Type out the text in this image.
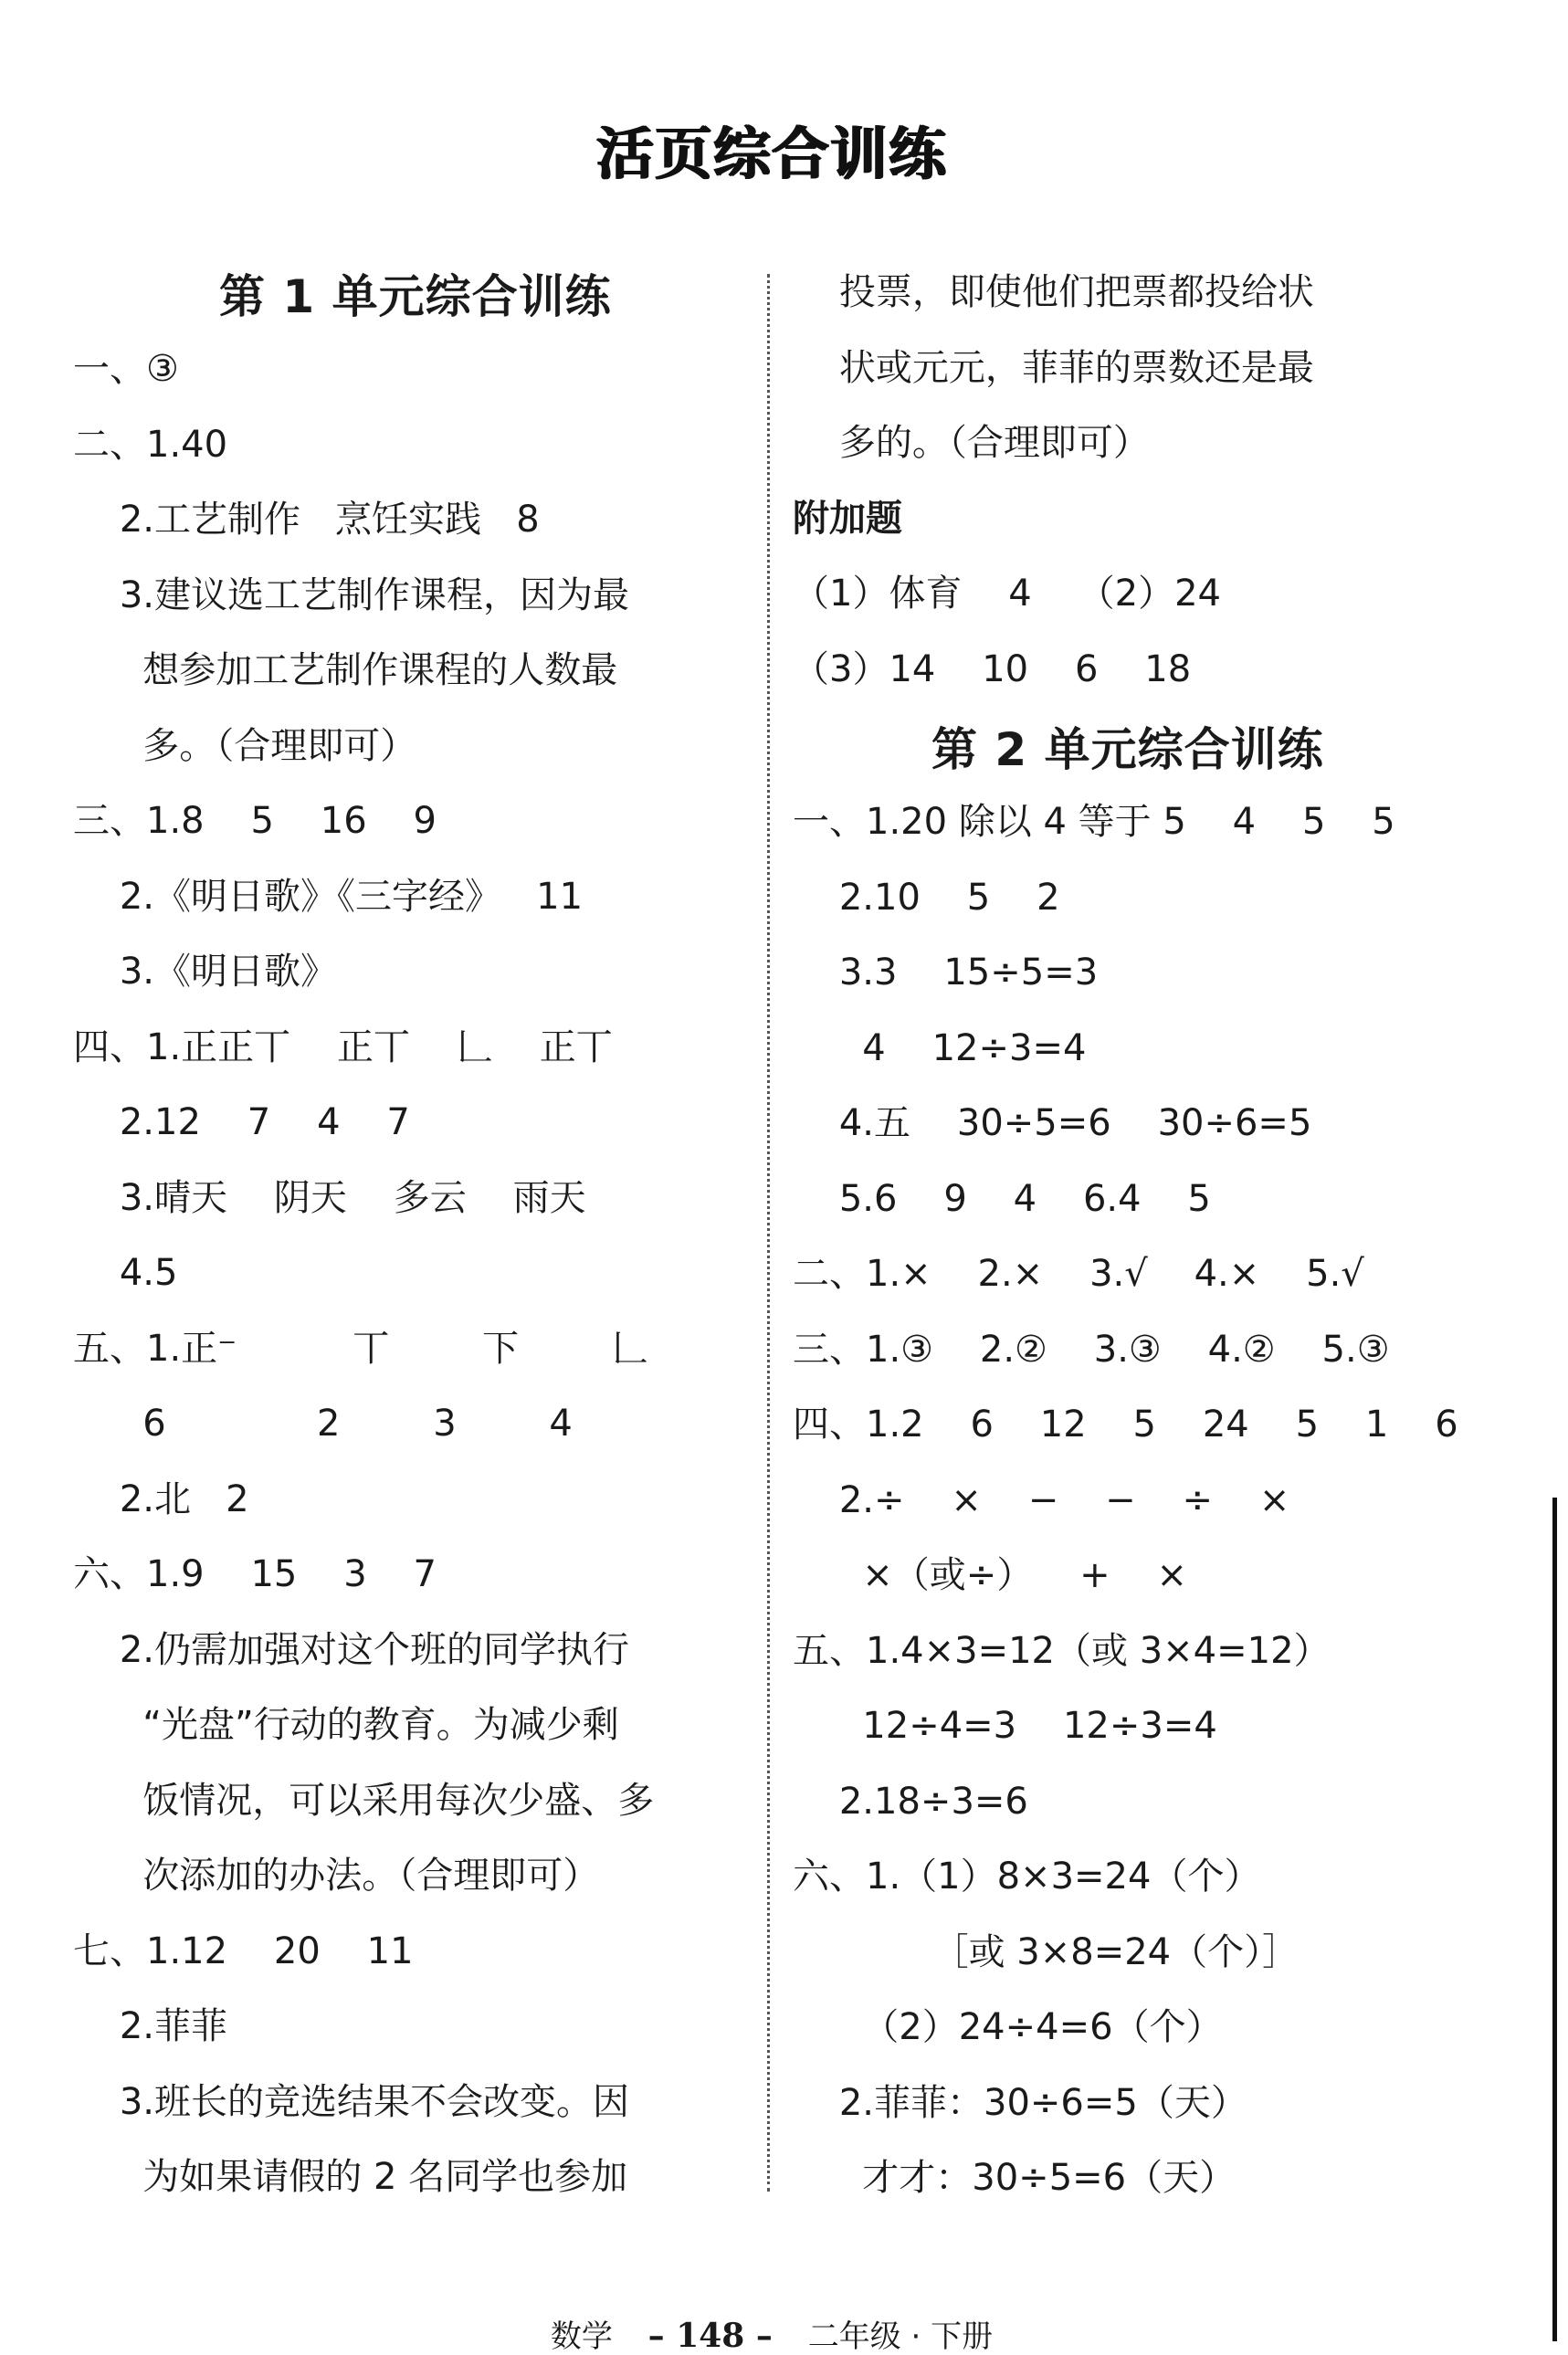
活页综合训练
第 1 单元综合训练
一、③
二、1.40
2.工艺制作   烹饪实践   8
3.建议选工艺制作课程，因为最
想参加工艺制作课程的人数最
多。（合理即可）
三、1.8    5    16    9
2.《明日歌》《三字经》   11
3.《明日歌》
四、1.正正丅    正丅    𠃊    正丅
2.12    7    4    7
3.晴天    阴天    多云    雨天
4.5
五、1.正⁻          丅        下        𠃊
6             2        3        4
2.北   2
六、1.9    15    3    7
2.仍需加强对这个班的同学执行
“光盘”行动的教育。为减少剩
饭情况，可以采用每次少盛、多
次添加的办法。（合理即可）
七、1.12    20    11
2.菲菲
3.班长的竞选结果不会改变。因
为如果请假的 2 名同学也参加
投票，即使他们把票都投给状
状或元元，菲菲的票数还是最
多的。（合理即可）
附加题
（1）体育    4    （2）24
（3）14    10    6    18
第 2 单元综合训练
一、1.20 除以 4 等于 5    4    5    5
2.10    5    2
3.3    15÷5=3
4    12÷3=4
4.五    30÷5=6    30÷6=5
5.6    9    4    6.4    5
二、1.×    2.×    3.√    4.×    5.√
三、1.③    2.②    3.③    4.②    5.③
四、1.2    6    12    5    24    5    1    6
2.÷    ×    −    −    ÷    ×
×（或÷）    +    ×
五、1.4×3=12（或 3×4=12）
12÷4=3    12÷3=4
2.18÷3=6
六、1.（1）8×3=24（个）
［或 3×8=24（个）］
（2）24÷4=6（个）
2.菲菲：30÷6=5（天）
才才：30÷5=6（天）
数学 – 148 – 二年级 · 下册
